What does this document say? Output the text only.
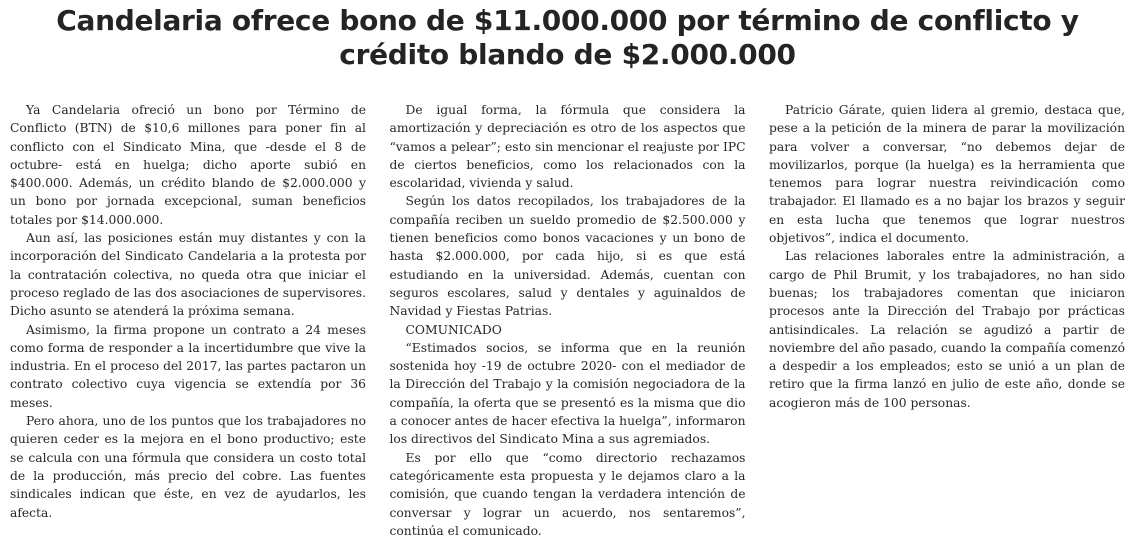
Candelaria ofrece bono de $11.000.000 por término de conflicto y crédito blando de $2.000.000

Ya Candelaria ofreció un bono por Término de Conflicto (BTN) de $10,6 millones para poner fin al conflicto con el Sindicato Mina, que -desde el 8 de octubre- está en huelga; dicho aporte subió en $400.000. Además, un crédito blando de $2.000.000 y un bono por jornada excepcional, suman beneficios totales por $14.000.000.

Aun así, las posiciones están muy distantes y con la incorporación del Sindicato Candelaria a la protesta por la contratación colectiva, no queda otra que iniciar el proceso reglado de las dos asociaciones de supervisores. Dicho asunto se atenderá la próxima semana.

Asimismo, la firma propone un contrato a 24 meses como forma de responder a la incertidumbre que vive la industria. En el proceso del 2017, las partes pactaron un contrato colectivo cuya vigencia se extendía por 36 meses.

Pero ahora, uno de los puntos que los trabajadores no quieren ceder es la mejora en el bono productivo; este se calcula con una fórmula que considera un costo total de la producción, más precio del cobre. Las fuentes sindicales indican que éste, en vez de ayudarlos, les afecta.

De igual forma, la fórmula que considera la amortización y depreciación es otro de los aspectos que “vamos a pelear”; esto sin mencionar el reajuste por IPC de ciertos beneficios, como los relacionados con la escolaridad, vivienda y salud.

Según los datos recopilados, los trabajadores de la compañía reciben un sueldo promedio de $2.500.000 y tienen beneficios como bonos vacaciones y un bono de hasta $2.000.000, por cada hijo, si es que está estudiando en la universidad. Además, cuentan con seguros escolares, salud y dentales y aguinaldos de Navidad y Fiestas Patrias.

COMUNICADO

“Estimados socios, se informa que en la reunión sostenida hoy -19 de octubre 2020- con el mediador de la Dirección del Trabajo y la comisión negociadora de la compañía, la oferta que se presentó es la misma que dio a conocer antes de hacer efectiva la huelga”, informaron los directivos del Sindicato Mina a sus agremiados.

Es por ello que “como directorio rechazamos categóricamente esta propuesta y le dejamos claro a la comisión, que cuando tengan la verdadera intención de conversar y lograr un acuerdo, nos sentaremos”, continúa el comunicado.

Patricio Gárate, quien lidera al gremio, destaca que, pese a la petición de la minera de parar la movilización para volver a conversar, “no debemos dejar de movilizarlos, porque (la huelga) es la herramienta que tenemos para lograr nuestra reivindicación como trabajador. El llamado es a no bajar los brazos y seguir en esta lucha que tenemos que lograr nuestros objetivos”, indica el documento.

Las relaciones laborales entre la administración, a cargo de Phil Brumit, y los trabajadores, no han sido buenas; los trabajadores comentan que iniciaron procesos ante la Dirección del Trabajo por prácticas antisindicales. La relación se agudizó a partir de noviembre del año pasado, cuando la compañía comenzó a despedir a los empleados; esto se unió a un plan de retiro que la firma lanzó en julio de este año, donde se acogieron más de 100 personas.
